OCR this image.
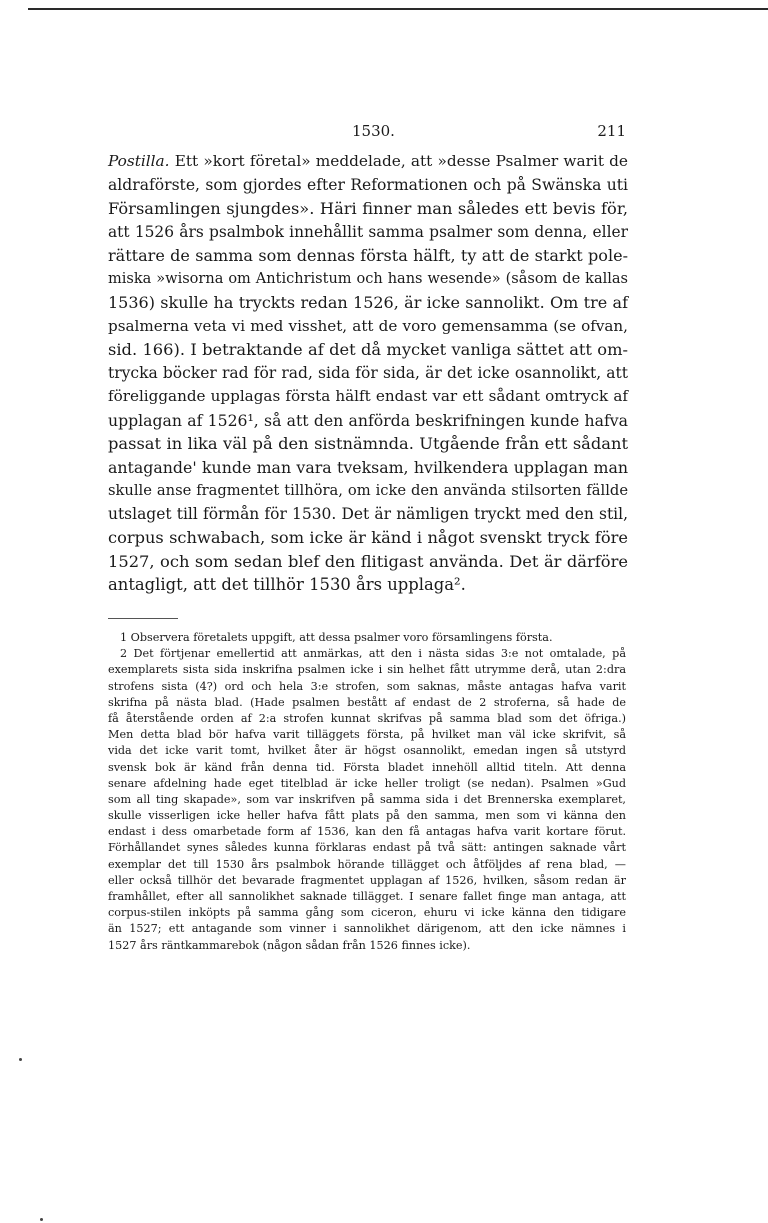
1530.	211
Postilla. Ett »kort företal» meddelade, att »desse Psalmer warit de
aldraförste, som gjordes efter Reformationen och på Swänska uti
Församlingen sjungdes». Häri finner man således ett bevis för,
att 1526 års psalmbok innehållit samma psalmer som denna, eller
rättare de samma som dennas första hälft, ty att de starkt pole-
miska »wisorna om Antichristum och hans wesende» (såsom de kallas
1536) skulle ha tryckts redan 1526, är icke sannolikt. Om tre af
psalmerna veta vi med visshet, att de voro gemensamma (se ofvan,
sid. 166). I betraktande af det då mycket vanliga sättet att om-
trycka böcker rad för rad, sida för sida, är det icke osannolikt, att
föreliggande upplagas första hälft endast var ett sådant omtryck af
upplagan af 1526¹, så att den anförda beskrifningen kunde hafva
passat in lika väl på den sistnämnda. Utgående från ett sådant
antagande' kunde man vara tveksam, hvilkendera upplagan man
skulle anse fragmentet tillhöra, om icke den använda stilsorten fällde
utslaget till förmån för 1530. Det är nämligen tryckt med den stil,
corpus schwabach, som icke är känd i något svenskt tryck före
1527, och som sedan blef den flitigast använda. Det är därföre
antagligt, att det tillhör 1530 års upplaga².
1 Observera företalets uppgift, att dessa psalmer voro församlingens första.
2 Det förtjenar emellertid att anmärkas, att den i nästa sidas 3:e not omtalade, på
exemplarets sista sida inskrifna psalmen icke i sin helhet fått utrymme derå, utan 2:dra
strofens sista (4?) ord och hela 3:e strofen, som saknas, måste antagas hafva varit
skrifna på nästa blad. (Hade psalmen bestått af endast de 2 stroferna, så hade de
få återstående orden af 2:a strofen kunnat skrifvas på samma blad som det öfriga.)
Men detta blad bör hafva varit tilläggets första, på hvilket man väl icke skrifvit, så
vida det icke varit tomt, hvilket åter är högst osannolikt, emedan ingen så utstyrd
svensk bok är känd från denna tid. Första bladet innehöll alltid titeln. Att denna
senare afdelning hade eget titelblad är icke heller troligt (se nedan). Psalmen »Gud
som all ting skapade», som var inskrifven på samma sida i det Brennerska exemplaret,
skulle visserligen icke heller hafva fått plats på den samma, men som vi känna den
endast i dess omarbetade form af 1536, kan den få antagas hafva varit kortare förut.
Förhållandet synes således kunna förklaras endast på två sätt: antingen saknade vårt
exemplar det till 1530 års psalmbok hörande tillägget och åtföljdes af rena blad, —
eller också tillhör det bevarade fragmentet upplagan af 1526, hvilken, såsom redan är
framhållet, efter all sannolikhet saknade tillägget. I senare fallet finge man antaga, att
corpus-stilen inköpts på samma gång som ciceron, ehuru vi icke känna den tidigare
än 1527; ett antagande som vinner i sannolikhet därigenom, att den icke nämnes i
1527 års räntkammarebok (någon sådan från 1526 finnes icke).
